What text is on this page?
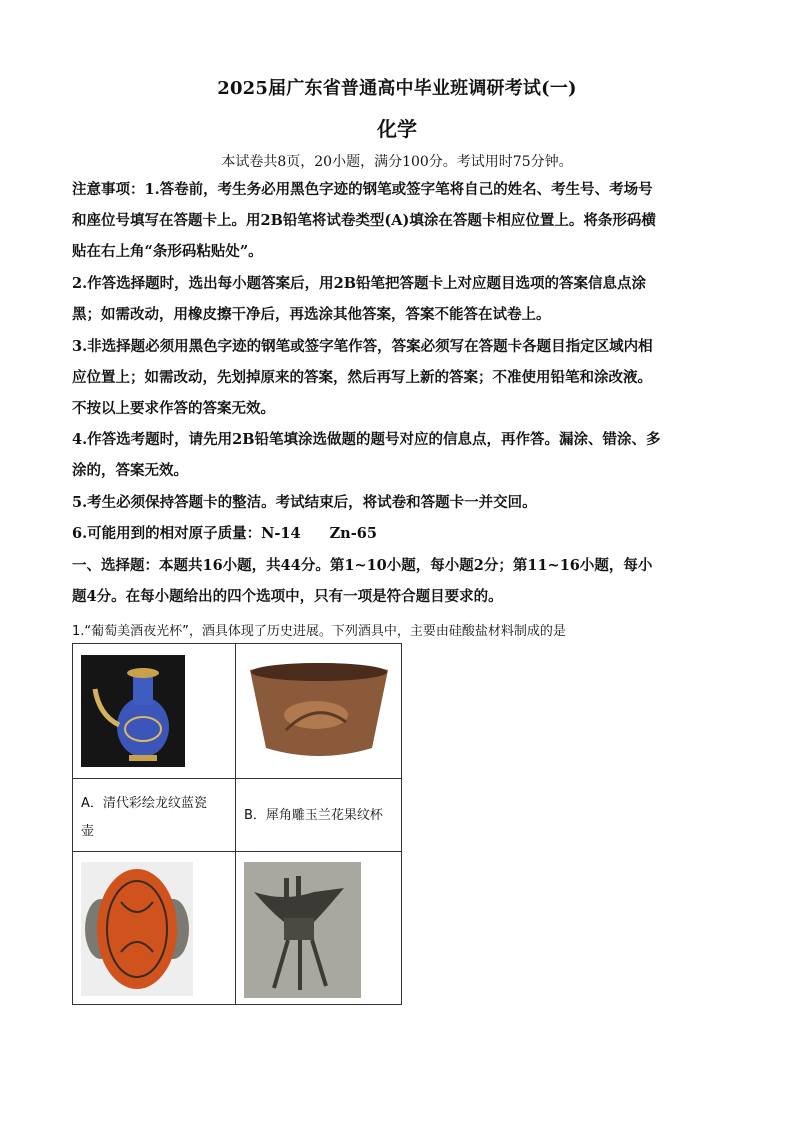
2025届广东省普通高中毕业班调研考试(一)
化学
本试卷共8页，20小题，满分100分。考试用时75分钟。
注意事项：1.答卷前，考生务必用黑色字迹的钢笔或签字笔将自己的姓名、考生号、考场号
和座位号填写在答题卡上。用2B铅笔将试卷类型(A)填涂在答题卡相应位置上。将条形码横
贴在右上角“条形码粘贴处”。
2.作答选择题时，选出每小题答案后，用2B铅笔把答题卡上对应题目选项的答案信息点涂
黑；如需改动，用橡皮擦干净后，再选涂其他答案，答案不能答在试卷上。
3.非选择题必须用黑色字迹的钢笔或签字笔作答，答案必须写在答题卡各题目指定区域内相
应位置上；如需改动，先划掉原来的答案，然后再写上新的答案；不准使用铅笔和涂改液。
不按以上要求作答的答案无效。
4.作答选考题时，请先用2B铅笔填涂选做题的题号对应的信息点，再作答。漏涂、错涂、多
涂的，答案无效。
5.考生必须保持答题卡的整洁。考试结束后，将试卷和答题卡一并交回。
6.可能用到的相对原子质量：N-14　　Zn-65
一、选择题：本题共16小题，共44分。第1~10小题，每小题2分；第11~16小题，每小
题4分。在每小题给出的四个选项中，只有一项是符合题目要求的。
1.“葡萄美酒夜光杯”，酒具体现了历史进展。下列酒具中，主要由硅酸盐材料制成的是

A．清代彩绘龙纹蓝瓷
壶	B．犀角雕玉兰花果纹杯
